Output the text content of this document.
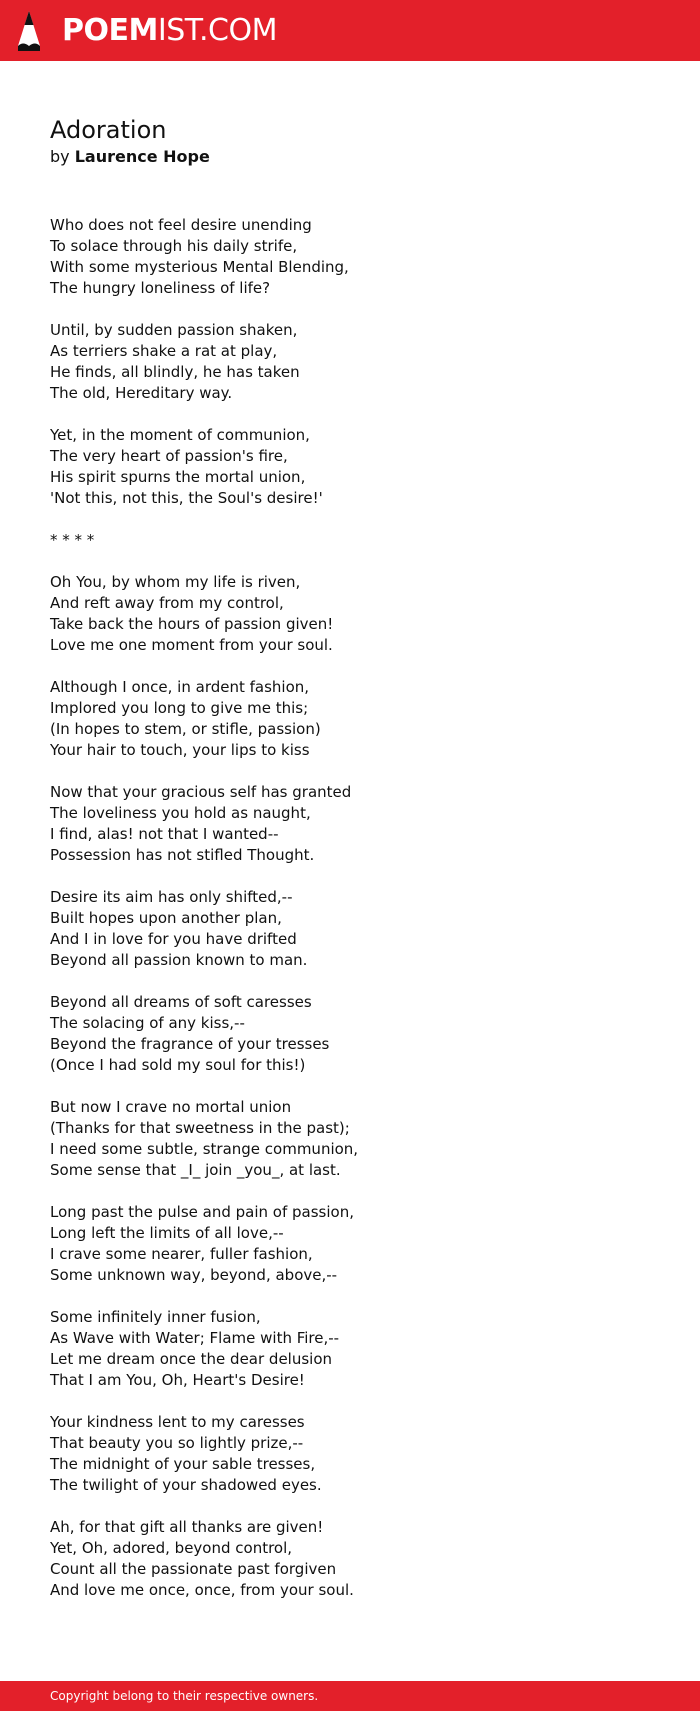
POEMIST.COM
Adoration
by Laurence Hope
Who does not feel desire unending
To solace through his daily strife,
With some mysterious Mental Blending,
The hungry loneliness of life?
Until, by sudden passion shaken,
As terriers shake a rat at play,
He finds, all blindly, he has taken
The old, Hereditary way.
Yet, in the moment of communion,
The very heart of passion's fire,
His spirit spurns the mortal union,
'Not this, not this, the Soul's desire!'
* * * *
Oh You, by whom my life is riven,
And reft away from my control,
Take back the hours of passion given!
Love me one moment from your soul.
Although I once, in ardent fashion,
Implored you long to give me this;
(In hopes to stem, or stifle, passion)
Your hair to touch, your lips to kiss
Now that your gracious self has granted
The loveliness you hold as naught,
I find, alas! not that I wanted--
Possession has not stifled Thought.
Desire its aim has only shifted,--
Built hopes upon another plan,
And I in love for you have drifted
Beyond all passion known to man.
Beyond all dreams of soft caresses
The solacing of any kiss,--
Beyond the fragrance of your tresses
(Once I had sold my soul for this!)
But now I crave no mortal union
(Thanks for that sweetness in the past);
I need some subtle, strange communion,
Some sense that _I_ join _you_, at last.
Long past the pulse and pain of passion,
Long left the limits of all love,--
I crave some nearer, fuller fashion,
Some unknown way, beyond, above,--
Some infinitely inner fusion,
As Wave with Water; Flame with Fire,--
Let me dream once the dear delusion
That I am You, Oh, Heart's Desire!
Your kindness lent to my caresses
That beauty you so lightly prize,--
The midnight of your sable tresses,
The twilight of your shadowed eyes.
Ah, for that gift all thanks are given!
Yet, Oh, adored, beyond control,
Count all the passionate past forgiven
And love me once, once, from your soul.
Copyright belong to their respective owners.
